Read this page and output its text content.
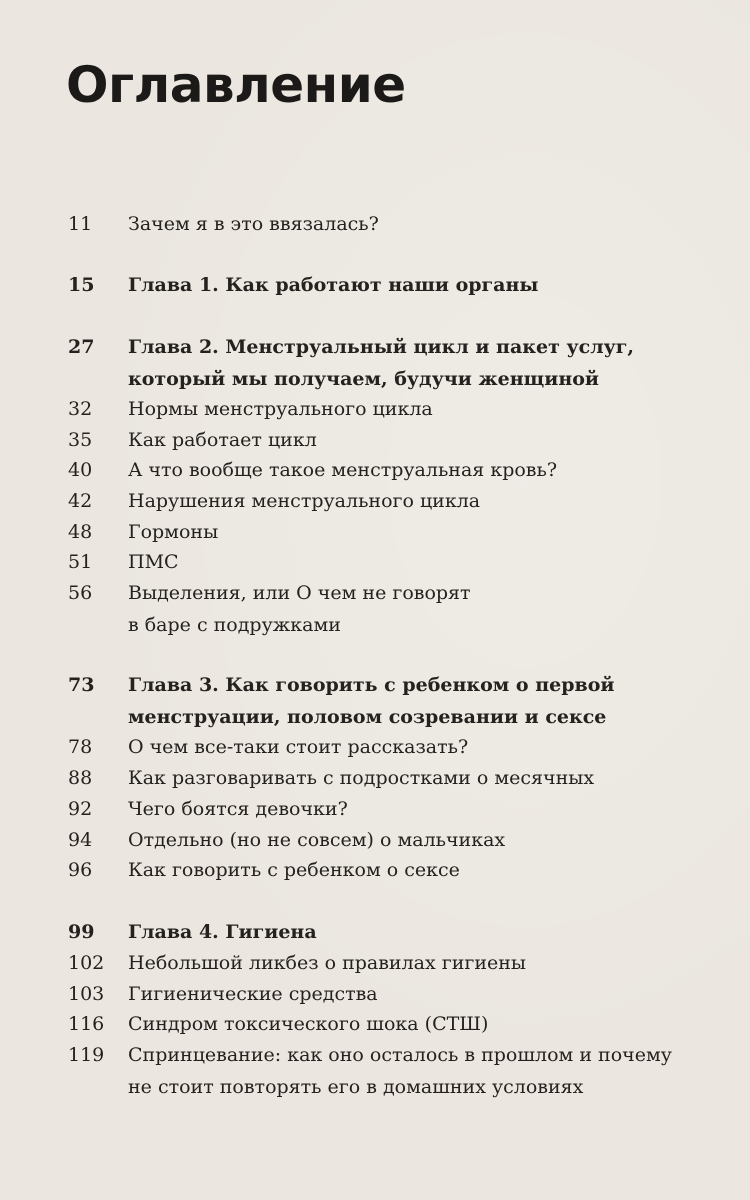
Оглавление
11	Зачем я в это ввязалась?
15	Глава 1. Как работают наши органы
27	Глава 2. Менструальный цикл и пакет услуг,
который мы получаем, будучи женщиной
32	Нормы менструального цикла
35	Как работает цикл
40	А что вообще такое менструальная кровь?
42	Нарушения менструального цикла
48	Гормоны
51	ПМС
56	Выделения, или О чем не говорят
в баре с подружками
73	Глава 3. Как говорить с ребенком о первой
менструации, половом созревании и сексе
78	О чем все-таки стоит рассказать?
88	Как разговаривать с подростками о месячных
92	Чего боятся девочки?
94	Отдельно (но не совсем) о мальчиках
96	Как говорить с ребенком о сексе
99	Глава 4. Гигиена
102	Небольшой ликбез о правилах гигиены
103	Гигиенические средства
116	Синдром токсического шока (СТШ)
119	Спринцевание: как оно осталось в прошлом и почему
не стоит повторять его в домашних условиях
